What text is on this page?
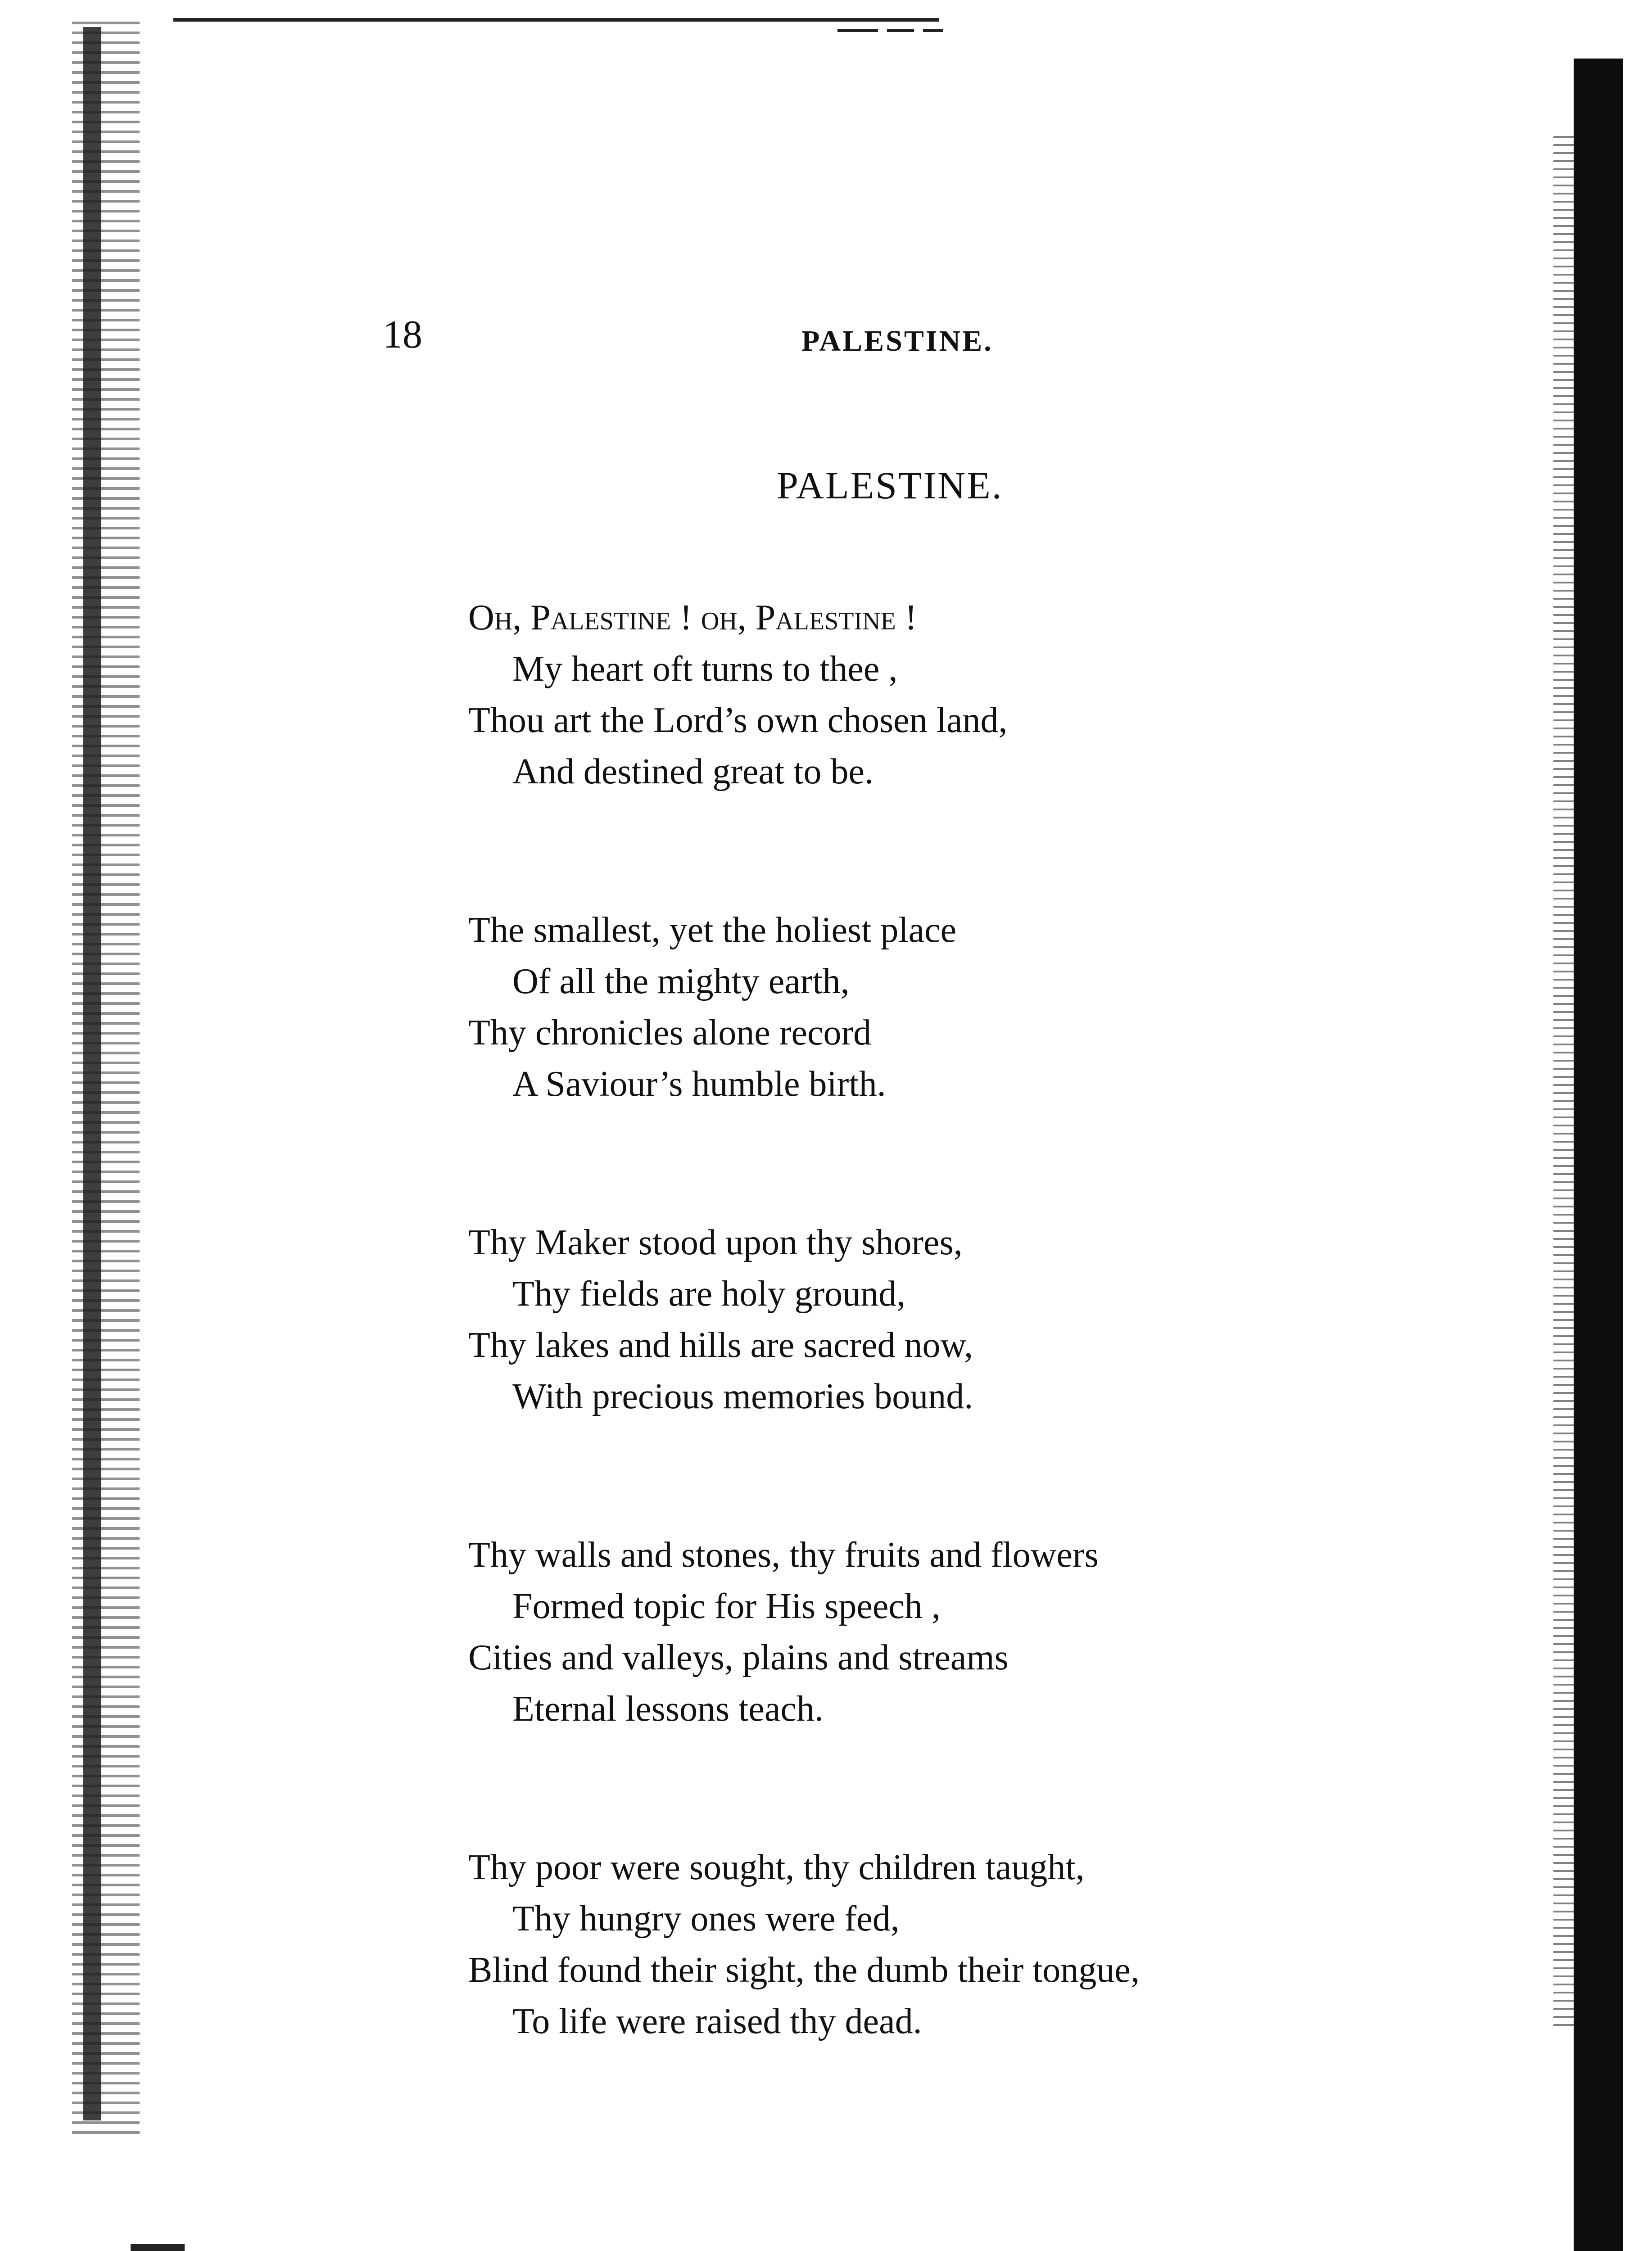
18	PALESTINE.
PALESTINE.
Oh, Palestine ! oh, Palestine !
My heart oft turns to thee ,
Thou art the Lord’s own chosen land,
And destined great to be.
The smallest, yet the holiest place
Of all the mighty earth,
Thy chronicles alone record
A Saviour’s humble birth.
Thy Maker stood upon thy shores,
Thy fields are holy ground,
Thy lakes and hills are sacred now,
With precious memories bound.
Thy walls and stones, thy fruits and flowers
Formed topic for His speech ,
Cities and valleys, plains and streams
Eternal lessons teach.
Thy poor were sought, thy children taught,
Thy hungry ones were fed,
Blind found their sight, the dumb their tongue,
To life were raised thy dead.
